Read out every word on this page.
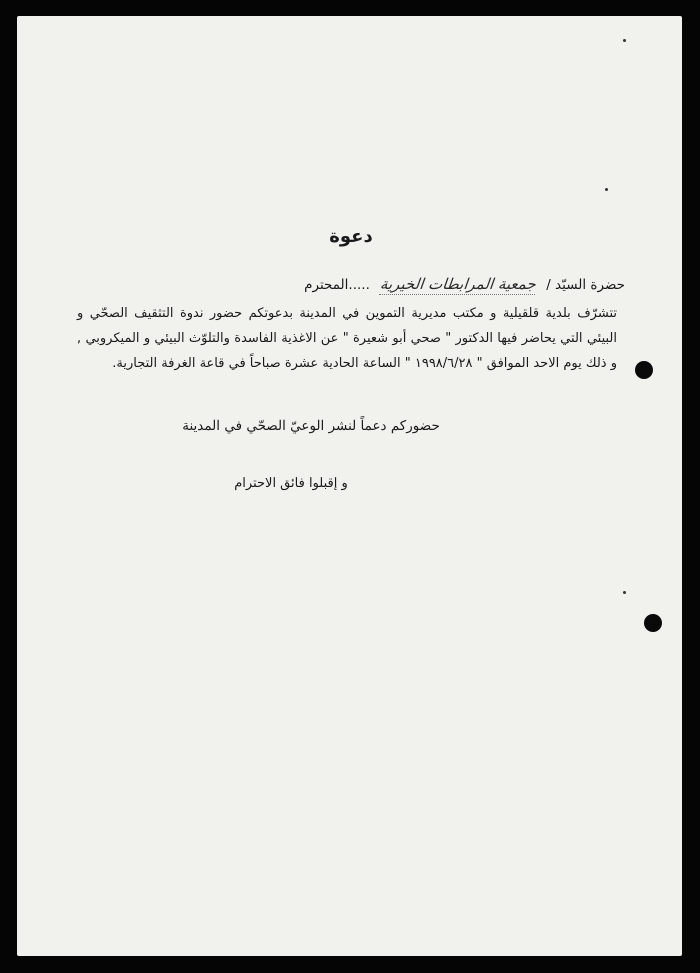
دعوة
حضرة السيّد / جمعية المرابطات الخيرية .....المحترم

تتشرّف بلدية قلقيلية و مكتب مديرية التموين في المدينة بدعوتكم حضور ندوة التثقيف الصحّي و البيئي التي يحاضر فيها الدكتور " صحي أبو شعيرة " عن الاغذية الفاسدة والتلوّث البيئي و الميكروبي , و ذلك يوم الاحد الموافق " ١٩٩٨/٦/٢٨ " الساعة الحادية عشرة صباحاً في قاعة الغرفة التجارية.

حضوركم دعماً لنشر الوعيّ الصحّي في المدينة
و إقبلوا فائق الاحترام
